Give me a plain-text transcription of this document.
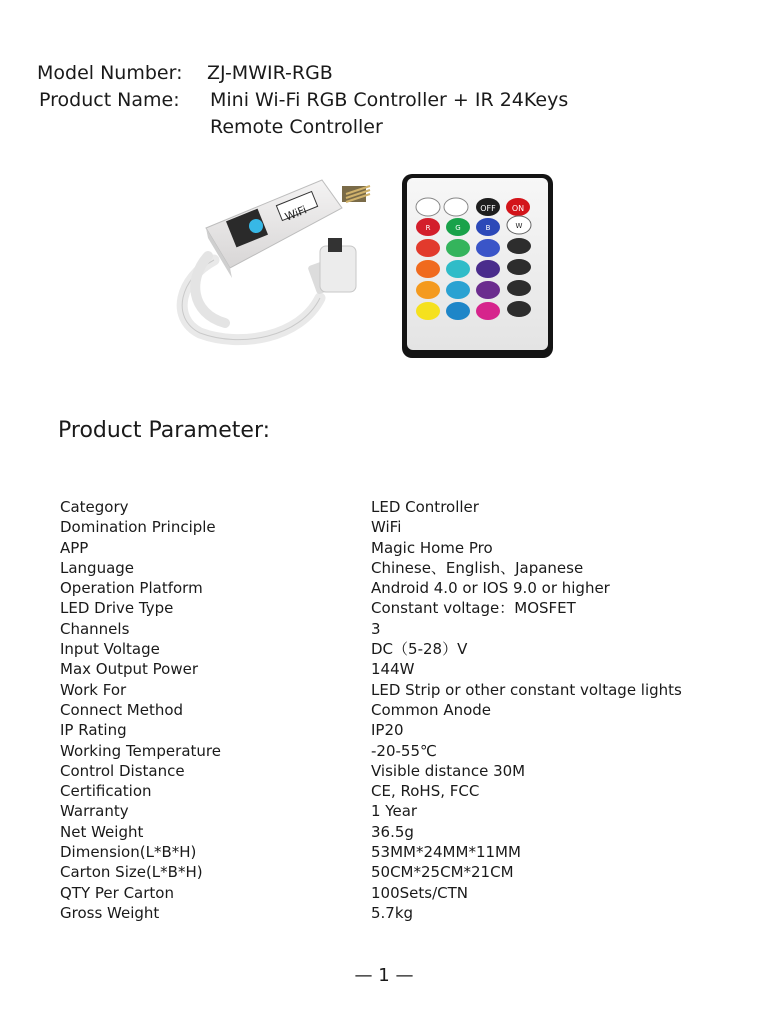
Model Number: ZJ-MWIR-RGB
Product Name: Mini Wi-Fi RGB Controller + IR 24Keys
Remote Controller
WiFi	OFF ON
R	G	B	W
Product Parameter:
Category	LED Controller
Domination Principle	WiFi
APP	Magic Home Pro
Language	Chinese、English、Japanese
Operation Platform	Android 4.0 or IOS 9.0 or higher
LED Drive Type	Constant voltage：MOSFET
Channels	3
Input Voltage	DC（5-28）V
Max Output Power	144W
Work For	LED Strip or other constant voltage lights
Connect Method	Common Anode
IP Rating	IP20
Working Temperature	-20-55℃
Control Distance	Visible distance 30M
Certification	CE, RoHS, FCC
Warranty	1 Year
Net Weight	36.5g
Dimension(L*B*H)	53MM*24MM*11MM
Carton Size(L*B*H)	50CM*25CM*21CM
QTY Per Carton	100Sets/CTN
Gross Weight	5.7kg
— 1 —
